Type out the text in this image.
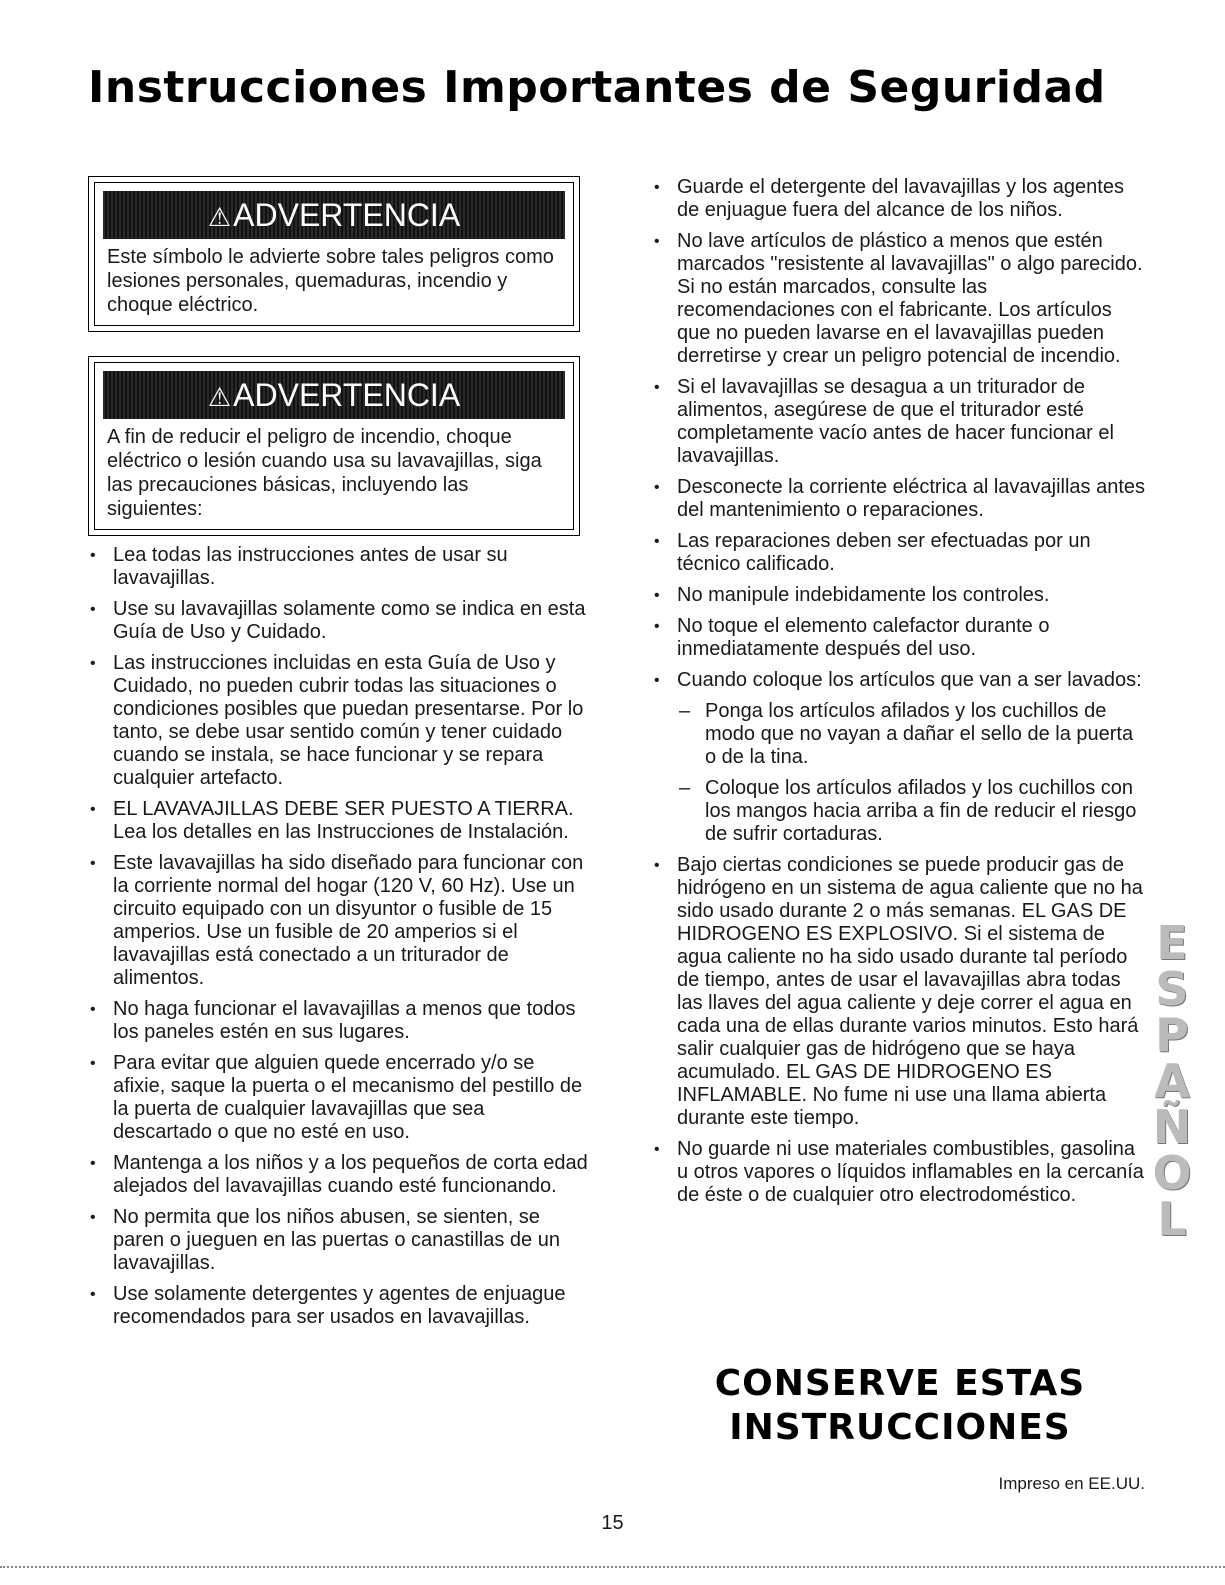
Instrucciones Importantes de Seguridad
⚠ADVERTENCIA
Este símbolo le advierte sobre tales peligros como lesiones personales, quemaduras, incendio y choque eléctrico.
⚠ADVERTENCIA
A fin de reducir el peligro de incendio, choque eléctrico o lesión cuando usa su lavavajillas, siga las precauciones básicas, incluyendo las siguientes:
• Lea todas las instrucciones antes de usar su lavavajillas.
• Use su lavavajillas solamente como se indica en esta Guía de Uso y Cuidado.
• Las instrucciones incluidas en esta Guía de Uso y Cuidado, no pueden cubrir todas las situaciones o condiciones posibles que puedan presentarse. Por lo tanto, se debe usar sentido común y tener cuidado cuando se instala, se hace funcionar y se repara cualquier artefacto.
• EL LAVAVAJILLAS DEBE SER PUESTO A TIERRA. Lea los detalles en las Instrucciones de Instalación.
• Este lavavajillas ha sido diseñado para funcionar con la corriente normal del hogar (120 V, 60 Hz). Use un circuito equipado con un disyuntor o fusible de 15 amperios. Use un fusible de 20 amperios si el lavavajillas está conectado a un triturador de alimentos.
• No haga funcionar el lavavajillas a menos que todos los paneles estén en sus lugares.
• Para evitar que alguien quede encerrado y/o se afixie, saque la puerta o el mecanismo del pestillo de la puerta de cualquier lavavajillas que sea descartado o que no esté en uso.
• Mantenga a los niños y a los pequeños de corta edad alejados del lavavajillas cuando esté funcionando.
• No permita que los niños abusen, se sienten, se paren o jueguen en las puertas o canastillas de un lavavajillas.
• Use solamente detergentes y agentes de enjuague recomendados para ser usados en lavavajillas.
• Guarde el detergente del lavavajillas y los agentes de enjuague fuera del alcance de los niños.
• No lave artículos de plástico a menos que estén marcados "resistente al lavavajillas" o algo parecido. Si no están marcados, consulte las recomendaciones con el fabricante. Los artículos que no pueden lavarse en el lavavajillas pueden derretirse y crear un peligro potencial de incendio.
• Si el lavavajillas se desagua a un triturador de alimentos, asegúrese de que el triturador esté completamente vacío antes de hacer funcionar el lavavajillas.
• Desconecte la corriente eléctrica al lavavajillas antes del mantenimiento o reparaciones.
• Las reparaciones deben ser efectuadas por un técnico calificado.
• No manipule indebidamente los controles.
• No toque el elemento calefactor durante o inmediatamente después del uso.
• Cuando coloque los artículos que van a ser lavados:
– Ponga los artículos afilados y los cuchillos de modo que no vayan a dañar el sello de la puerta o de la tina.
– Coloque los artículos afilados y los cuchillos con los mangos hacia arriba a fin de reducir el riesgo de sufrir cortaduras.
• Bajo ciertas condiciones se puede producir gas de hidrógeno en un sistema de agua caliente que no ha sido usado durante 2 o más semanas. EL GAS DE HIDROGENO ES EXPLOSIVO. Si el sistema de agua caliente no ha sido usado durante tal período de tiempo, antes de usar el lavavajillas abra todas las llaves del agua caliente y deje correr el agua en cada una de ellas durante varios minutos. Esto hará salir cualquier gas de hidrógeno que se haya acumulado. EL GAS DE HIDROGENO ES INFLAMABLE. No fume ni use una llama abierta durante este tiempo.
• No guarde ni use materiales combustibles, gasolina u otros vapores o líquidos inflamables en la cercanía de éste o de cualquier otro electrodoméstico.
CONSERVE ESTAS
INSTRUCCIONES
E
S
P
A
Ñ
O
L
Impreso en EE.UU.
15
